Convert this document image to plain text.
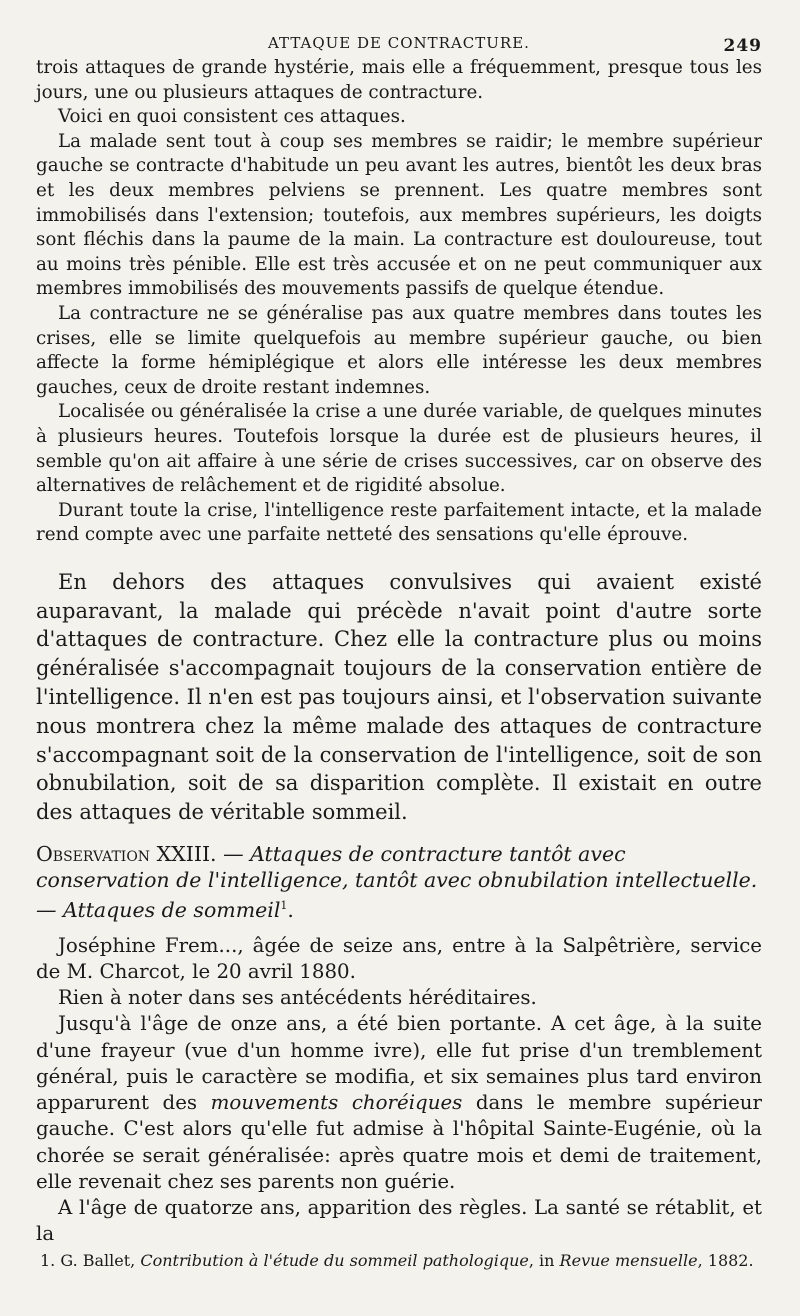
ATTAQUE DE CONTRACTURE.	249

trois attaques de grande hystérie, mais elle a fréquemment, presque tous les jours, une ou plusieurs attaques de contracture.

Voici en quoi consistent ces attaques.

La malade sent tout à coup ses membres se raidir; le membre supérieur gauche se contracte d'habitude un peu avant les autres, bientôt les deux bras et les deux membres pelviens se prennent. Les quatre membres sont immobilisés dans l'extension; toutefois, aux membres supérieurs, les doigts sont fléchis dans la paume de la main. La contracture est douloureuse, tout au moins très pénible. Elle est très accusée et on ne peut communiquer aux membres immobilisés des mouvements passifs de quelque étendue.

La contracture ne se généralise pas aux quatre membres dans toutes les crises, elle se limite quelquefois au membre supérieur gauche, ou bien affecte la forme hémiplégique et alors elle intéresse les deux membres gauches, ceux de droite restant indemnes.

Localisée ou généralisée la crise a une durée variable, de quelques minutes à plusieurs heures. Toutefois lorsque la durée est de plusieurs heures, il semble qu'on ait affaire à une série de crises successives, car on observe des alternatives de relâchement et de rigidité absolue.

Durant toute la crise, l'intelligence reste parfaitement intacte, et la malade rend compte avec une parfaite netteté des sensations qu'elle éprouve.

En dehors des attaques convulsives qui avaient existé auparavant, la malade qui précède n'avait point d'autre sorte d'attaques de contracture. Chez elle la contracture plus ou moins généralisée s'accompagnait toujours de la conservation entière de l'intelligence. Il n'en est pas toujours ainsi, et l'observation suivante nous montrera chez la même malade des attaques de contracture s'accompagnant soit de la conservation de l'intelligence, soit de son obnubilation, soit de sa disparition complète. Il existait en outre des attaques de véritable sommeil.

Observation XXIII. — Attaques de contracture tantôt avec conservation de l'intelligence, tantôt avec obnubilation intellectuelle. — Attaques de sommeil$^1$.

Joséphine Frem..., âgée de seize ans, entre à la Salpêtrière, service de M. Charcot, le 20 avril 1880.

Rien à noter dans ses antécédents héréditaires.

Jusqu'à l'âge de onze ans, a été bien portante. A cet âge, à la suite d'une frayeur (vue d'un homme ivre), elle fut prise d'un tremblement général, puis le caractère se modifia, et six semaines plus tard environ apparurent des mouvements choréiques dans le membre supérieur gauche. C'est alors qu'elle fut admise à l'hôpital Sainte-Eugénie, où la chorée se serait généralisée: après quatre mois et demi de traitement, elle revenait chez ses parents non guérie.

A l'âge de quatorze ans, apparition des règles. La santé se rétablit, et la

1. G. Ballet, Contribution à l'étude du sommeil pathologique, in Revue mensuelle, 1882.
